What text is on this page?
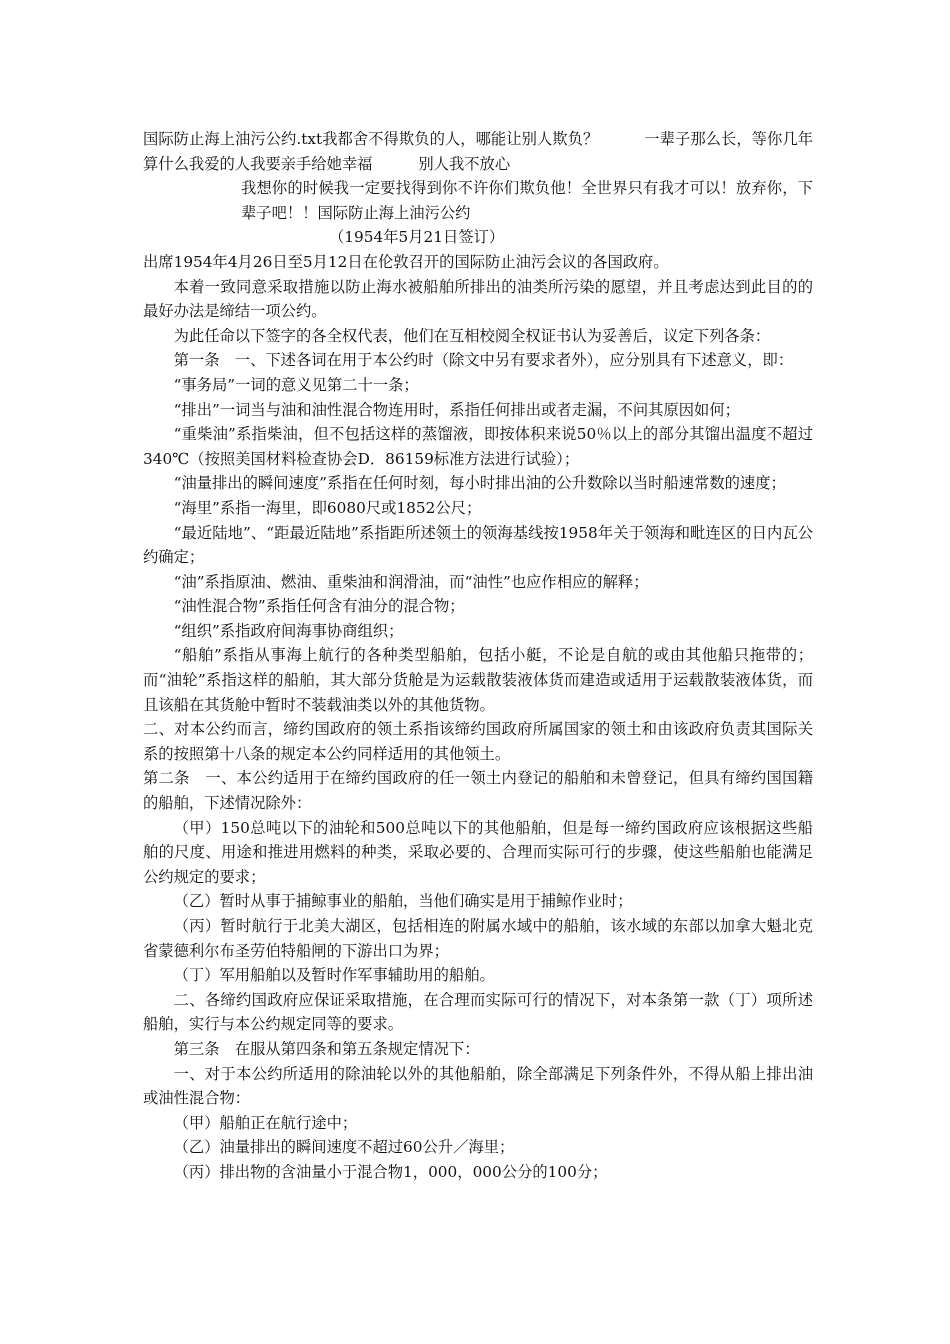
国际防止海上油污公约.txt我都舍不得欺负的人，哪能让别人欺负？　　　一辈子那么长，等你几年算什么我爱的人我要亲手给她幸福　　　别人我不放心

我想你的时候我一定要找得到你不许你们欺负他！全世界只有我才可以！放弃你，下辈子吧！！国际防止海上油污公约

（1954年5月21日签订）

出席1954年4月26日至5月12日在伦敦召开的国际防止油污会议的各国政府。

本着一致同意采取措施以防止海水被船舶所排出的油类所污染的愿望，并且考虑达到此目的的最好办法是缔结一项公约。

为此任命以下签字的各全权代表，他们在互相校阅全权证书认为妥善后，议定下列各条：

第一条　一、下述各词在用于本公约时（除文中另有要求者外），应分别具有下述意义，即：

“事务局”一词的意义见第二十一条；

“排出”一词当与油和油性混合物连用时，系指任何排出或者走漏，不问其原因如何；

“重柴油”系指柴油，但不包括这样的蒸馏液，即按体积来说50％以上的部分其馏出温度不超过340℃（按照美国材料检查协会D．86159标准方法进行试验）；

“油量排出的瞬间速度”系指在任何时刻，每小时排出油的公升数除以当时船速常数的速度；

“海里”系指一海里，即6080尺或1852公尺；

“最近陆地”、“距最近陆地”系指距所述领土的领海基线按1958年关于领海和毗连区的日内瓦公约确定；

“油”系指原油、燃油、重柴油和润滑油，而“油性”也应作相应的解释；

“油性混合物”系指任何含有油分的混合物；

“组织”系指政府间海事协商组织；

“船舶”系指从事海上航行的各种类型船舶，包括小艇，不论是自航的或由其他船只拖带的；而“油轮”系指这样的船舶，其大部分货舱是为运载散装液体货而建造或适用于运载散装液体货，而且该船在其货舱中暂时不装载油类以外的其他货物。

二、对本公约而言，缔约国政府的领土系指该缔约国政府所属国家的领土和由该政府负责其国际关系的按照第十八条的规定本公约同样适用的其他领土。

第二条　一、本公约适用于在缔约国政府的任一领土内登记的船舶和未曾登记，但具有缔约国国籍的船舶，下述情况除外：

（甲）150总吨以下的油轮和500总吨以下的其他船舶，但是每一缔约国政府应该根据这些船舶的尺度、用途和推进用燃料的种类，采取必要的、合理而实际可行的步骤，使这些船舶也能满足公约规定的要求；

（乙）暂时从事于捕鲸事业的船舶，当他们确实是用于捕鲸作业时；

（丙）暂时航行于北美大湖区，包括相连的附属水域中的船舶，该水域的东部以加拿大魁北克省蒙德利尔布圣劳伯特船闸的下游出口为界；

（丁）军用船舶以及暂时作军事辅助用的船舶。

二、各缔约国政府应保证采取措施，在合理而实际可行的情况下，对本条第一款（丁）项所述船舶，实行与本公约规定同等的要求。

第三条　在服从第四条和第五条规定情况下：

一、对于本公约所适用的除油轮以外的其他船舶，除全部满足下列条件外，不得从船上排出油或油性混合物：

（甲）船舶正在航行途中；

（乙）油量排出的瞬间速度不超过60公升／海里；

（丙）排出物的含油量小于混合物1，000，000公分的100分；
